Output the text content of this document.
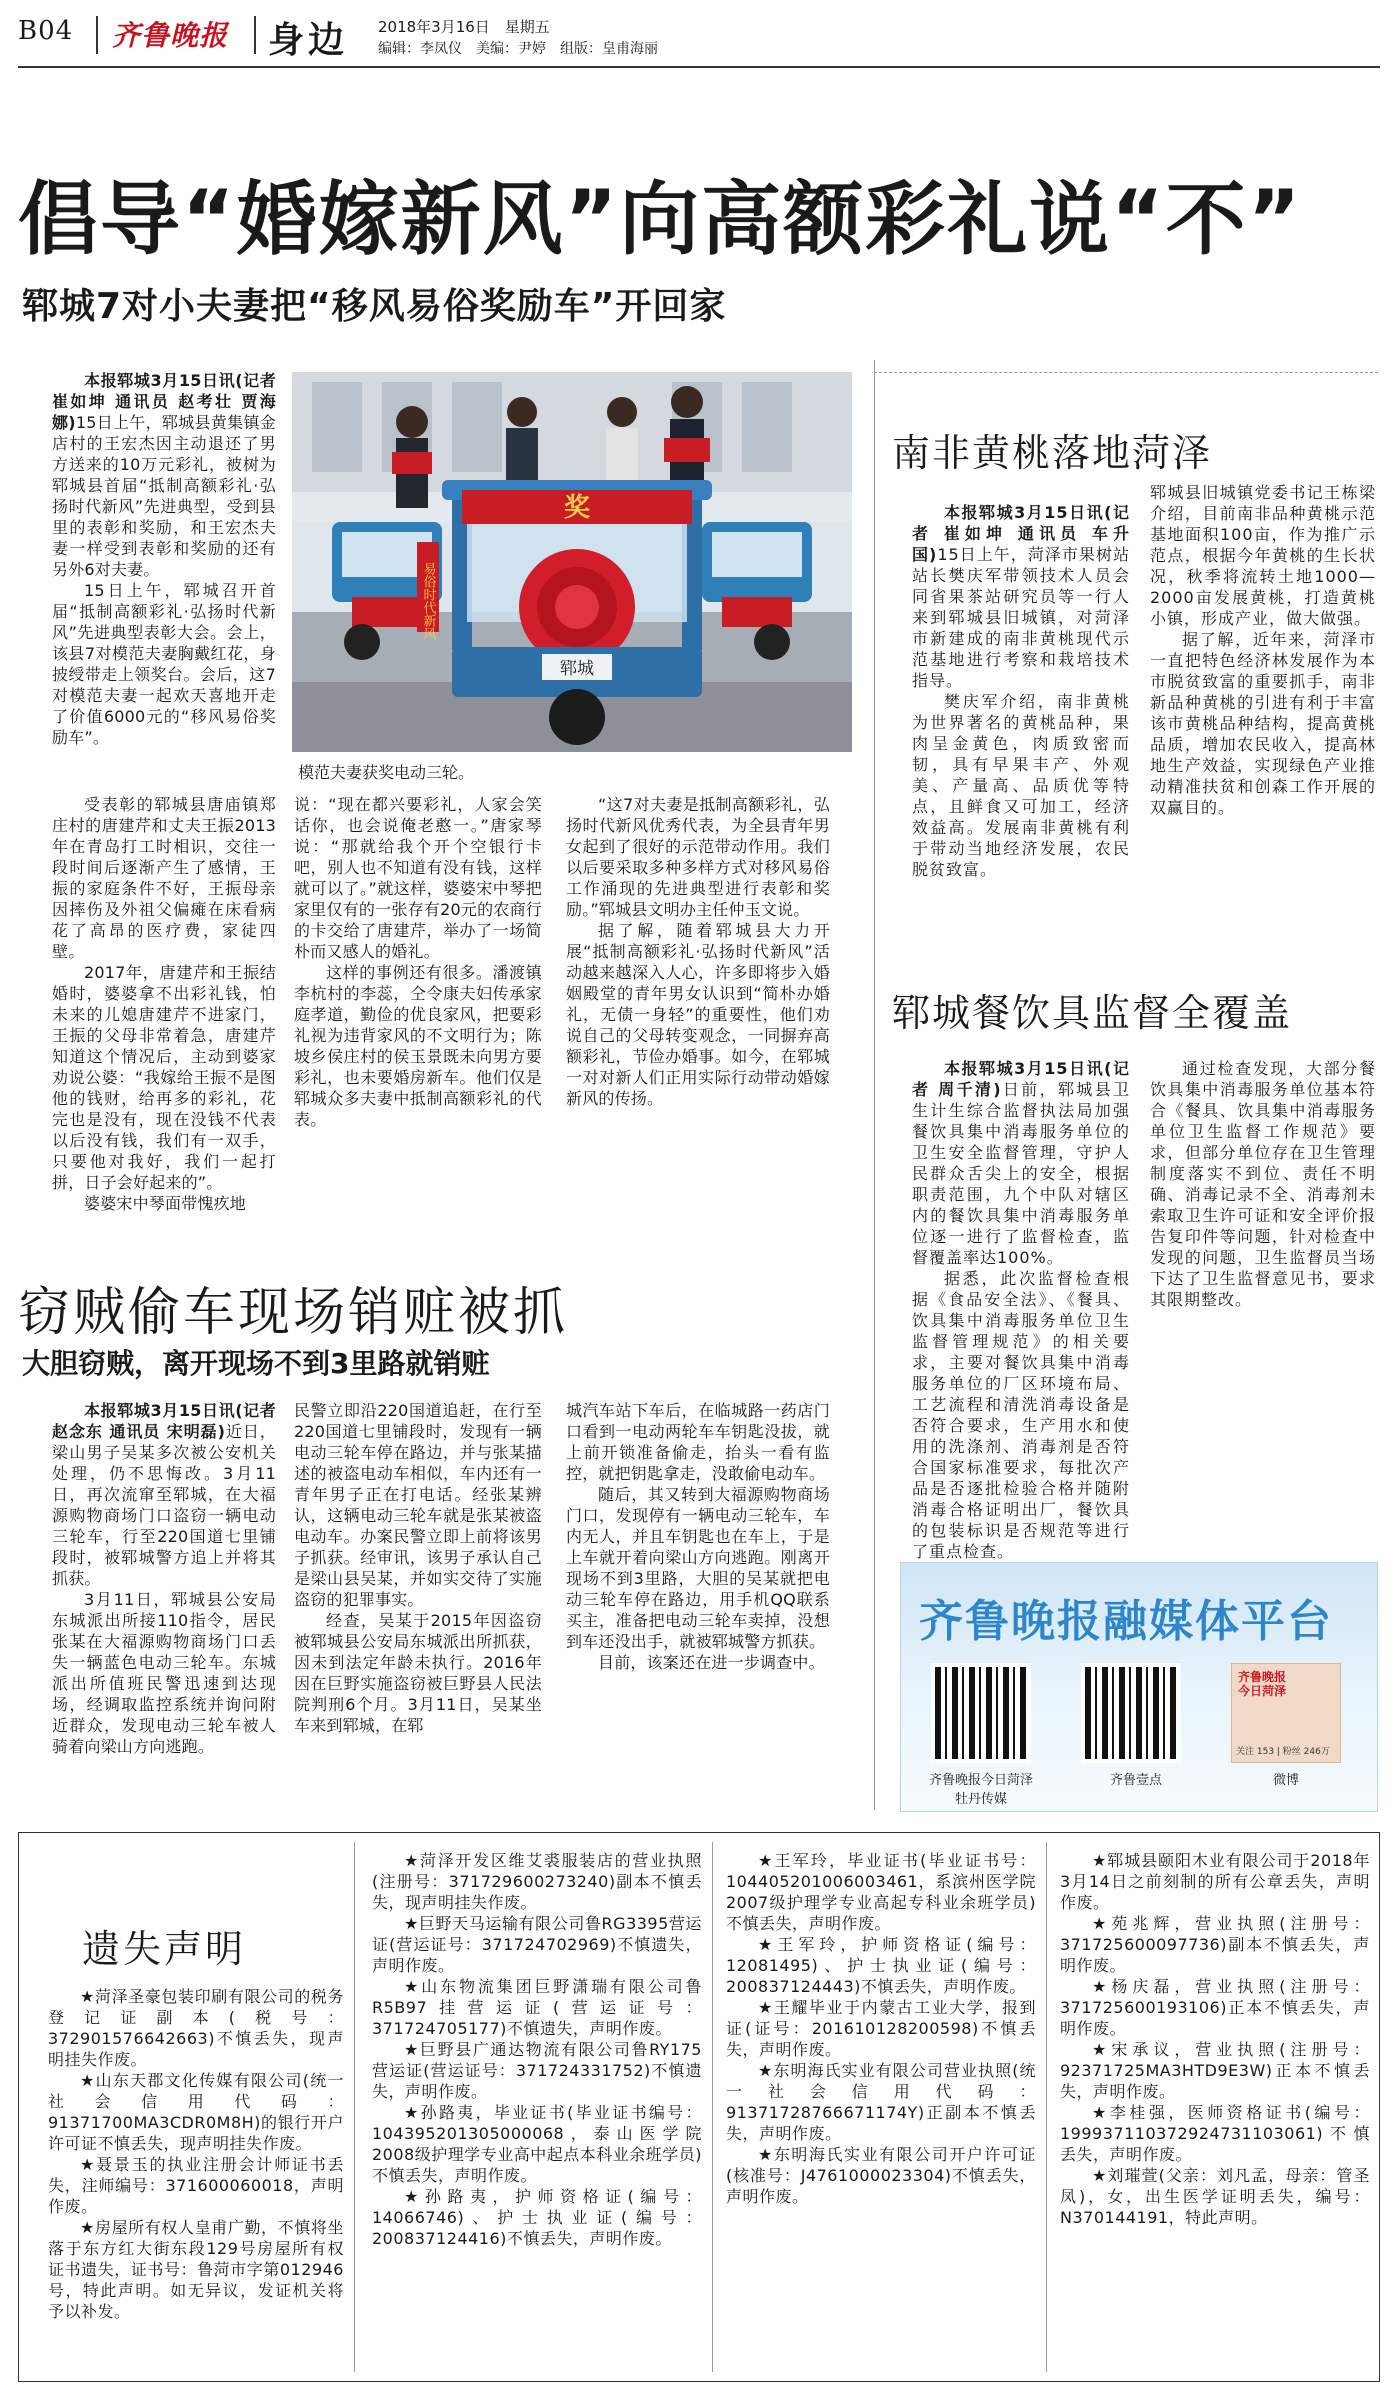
B04 齐鲁晚报 身边 2018年3月16日　星期五
编辑：李凤仪　美编：尹婷　组版：皇甫海丽
倡导“婚嫁新风”向高额彩礼说“不”
郓城7对小夫妻把“移风易俗奖励车”开回家

本报郓城3月15日讯(记者 崔如坤 通讯员 赵考壮 贾海娜)15日上午，郓城县黄集镇金店村的王宏杰因主动退还了男方送来的10万元彩礼，被树为郓城县首届“抵制高额彩礼·弘扬时代新风”先进典型，受到县里的表彰和奖励，和王宏杰夫妻一样受到表彰和奖励的还有另外6对夫妻。

15日上午，郓城召开首届“抵制高额彩礼·弘扬时代新风”先进典型表彰大会。会上，该县7对模范夫妻胸戴红花，身披绶带走上领奖台。会后，这7对模范夫妻一起欢天喜地开走了价值6000元的“移风易俗奖励车”。

受表彰的郓城县唐庙镇郑庄村的唐建芹和丈夫王振2013年在青岛打工时相识，交往一段时间后逐渐产生了感情，王振的家庭条件不好，王振母亲因摔伤及外祖父偏瘫在床看病花了高昂的医疗费，家徒四壁。

2017年，唐建芹和王振结婚时，婆婆拿不出彩礼钱，怕未来的儿媳唐建芹不进家门，王振的父母非常着急，唐建芹知道这个情况后，主动到婆家劝说公婆：“我嫁给王振不是图他的钱财，给再多的彩礼，花完也是没有，现在没钱不代表以后没有钱，我们有一双手，只要他对我好，我们一起打拼，日子会好起来的”。

婆婆宋中琴面带愧疚地

奖
易俗时代新风
郓城
模范夫妻获奖电动三轮。

说：“现在都兴要彩礼，人家会笑话你，也会说俺老憨一。”唐家琴说：“那就给我个开个空银行卡吧，别人也不知道有没有钱，这样就可以了。”就这样，婆婆宋中琴把家里仅有的一张存有20元的农商行的卡交给了唐建芹，举办了一场简朴而又感人的婚礼。

这样的事例还有很多。潘渡镇李杭村的李蕊，仝令康夫妇传承家庭孝道，勤俭的优良家风，把要彩礼视为违背家风的不文明行为；陈坡乡侯庄村的侯玉景既未向男方要彩礼，也未要婚房新车。他们仅是郓城众多夫妻中抵制高额彩礼的代表。

“这7对夫妻是抵制高额彩礼，弘扬时代新风优秀代表，为全县青年男女起到了很好的示范带动作用。我们以后要采取多种多样方式对移风易俗工作涌现的先进典型进行表彰和奖励。”郓城县文明办主任仲玉文说。

据了解，随着郓城县大力开展“抵制高额彩礼·弘扬时代新风”活动越来越深入人心，许多即将步入婚姻殿堂的青年男女认识到“简朴办婚礼，无债一身轻”的重要性，他们劝说自己的父母转变观念，一同摒弃高额彩礼，节俭办婚事。如今，在郓城一对对新人们正用实际行动带动婚嫁新风的传扬。

南非黄桃落地菏泽

本报郓城3月15日讯(记者 崔如坤 通讯员 车升国)15日上午，菏泽市果树站站长樊庆军带领技术人员会同省果茶站研究员等一行人来到郓城县旧城镇，对菏泽市新建成的南非黄桃现代示范基地进行考察和栽培技术指导。

樊庆军介绍，南非黄桃为世界著名的黄桃品种，果肉呈金黄色，肉质致密而韧，具有早果丰产、外观美、产量高、品质优等特点，且鲜食又可加工，经济效益高。发展南非黄桃有利于带动当地经济发展，农民脱贫致富。

郓城县旧城镇党委书记王栋梁介绍，目前南非品种黄桃示范基地面积100亩，作为推广示范点，根据今年黄桃的生长状况，秋季将流转土地1000—2000亩发展黄桃，打造黄桃小镇，形成产业，做大做强。

据了解，近年来，菏泽市一直把特色经济林发展作为本市脱贫致富的重要抓手，南非新品种黄桃的引进有利于丰富该市黄桃品种结构，提高黄桃品质，增加农民收入，提高林地生产效益，实现绿色产业推动精准扶贫和创森工作开展的双赢目的。

郓城餐饮具监督全覆盖

本报郓城3月15日讯(记者 周千清)日前，郓城县卫生计生综合监督执法局加强餐饮具集中消毒服务单位的卫生安全监督管理，守护人民群众舌尖上的安全，根据职责范围，九个中队对辖区内的餐饮具集中消毒服务单位逐一进行了监督检查，监督覆盖率达100%。

据悉，此次监督检查根据《食品安全法》、《餐具、饮具集中消毒服务单位卫生监督管理规范》的相关要求，主要对餐饮具集中消毒服务单位的厂区环境布局、工艺流程和清洗消毒设备是否符合要求，生产用水和使用的洗涤剂、消毒剂是否符合国家标准要求，每批次产品是否逐批检验合格并随附消毒合格证明出厂，餐饮具的包装标识是否规范等进行了重点检查。

通过检查发现，大部分餐饮具集中消毒服务单位基本符合《餐具、饮具集中消毒服务单位卫生监督工作规范》要求，但部分单位存在卫生管理制度落实不到位、责任不明确、消毒记录不全、消毒剂未索取卫生许可证和安全评价报告复印件等问题，针对检查中发现的问题，卫生监督员当场下达了卫生监督意见书，要求其限期整改。

窃贼偷车现场销赃被抓
大胆窃贼，离开现场不到3里路就销赃

本报郓城3月15日讯(记者 赵念东 通讯员 宋明磊)近日，梁山男子吴某多次被公安机关处理，仍不思悔改。3月11日，再次流窜至郓城，在大福源购物商场门口盗窃一辆电动三轮车，行至220国道七里铺段时，被郓城警方追上并将其抓获。

3月11日，郓城县公安局东城派出所接110指令，居民张某在大福源购物商场门口丢失一辆蓝色电动三轮车。东城派出所值班民警迅速到达现场，经调取监控系统并询问附近群众，发现电动三轮车被人骑着向梁山方向逃跑。

民警立即沿220国道追赶，在行至220国道七里铺段时，发现有一辆电动三轮车停在路边，并与张某描述的被盗电动车相似，车内还有一青年男子正在打电话。经张某辨认，这辆电动三轮车就是张某被盗电动车。办案民警立即上前将该男子抓获。经审讯，该男子承认自己是梁山县吴某，并如实交待了实施盗窃的犯罪事实。

经查，吴某于2015年因盗窃被郓城县公安局东城派出所抓获，因未到法定年龄未执行。2016年因在巨野实施盗窃被巨野县人民法院判刑6个月。3月11日，吴某坐车来到郓城，在郓

城汽车站下车后，在临城路一药店门口看到一电动两轮车车钥匙没拔，就上前开锁准备偷走，抬头一看有监控，就把钥匙拿走，没敢偷电动车。

随后，其又转到大福源购物商场门口，发现停有一辆电动三轮车，车内无人，并且车钥匙也在车上，于是上车就开着向梁山方向逃跑。刚离开现场不到3里路，大胆的吴某就把电动三轮车停在路边，用手机QQ联系买主，准备把电动三轮车卖掉，没想到车还没出手，就被郓城警方抓获。

目前，该案还在进一步调查中。

齐鲁晚报融媒体平台
齐鲁晚报今日菏泽
牡丹传媒
齐鲁壹点
齐鲁晚报
今日菏泽
关注 153 | 粉丝 246万
微博
遗失声明

★菏泽圣豪包装印刷有限公司的税务登记证副本(税号：372901576642663)不慎丢失，现声明挂失作废。

★山东天郡文化传媒有限公司(统一社会信用代码：91371700MA3CDR0M8H)的银行开户许可证不慎丢失，现声明挂失作废。

★聂景玉的执业注册会计师证书丢失，注师编号：371600060018，声明作废。

★房屋所有权人皇甫广勤，不慎将坐落于东方红大街东段129号房屋所有权证书遗失，证书号：鲁菏市字第012946号，特此声明。如无异议，发证机关将予以补发。

★菏泽开发区维艾裘服装店的营业执照(注册号：371729600273240)副本不慎丢失，现声明挂失作废。

★巨野天马运输有限公司鲁RG3395营运证(营运证号：371724702969)不慎遗失，声明作废。

★山东物流集团巨野潇瑞有限公司鲁R5B97挂营运证(营运证号：371724705177)不慎遗失，声明作废。

★巨野县广通达物流有限公司鲁RY175营运证(营运证号：371724331752)不慎遗失，声明作废。

★孙路夷，毕业证书(毕业证书编号：104395201305000068，泰山医学院2008级护理学专业高中起点本科业余班学员)不慎丢失，声明作废。

★孙路夷，护师资格证(编号：14066746)、护士执业证(编号：200837124416)不慎丢失，声明作废。

★王军玲，毕业证书(毕业证书号：104405201006003461，系滨州医学院2007级护理学专业高起专科业余班学员)不慎丢失，声明作废。

★王军玲，护师资格证(编号：12081495)、护士执业证(编号：200837124443)不慎丢失，声明作废。

★王耀毕业于内蒙古工业大学，报到证(证号：201610128200598)不慎丢失，声明作废。

★东明海氏实业有限公司营业执照(统一社会信用代码：91371728766671174Y)正副本不慎丢失，声明作废。

★东明海氏实业有限公司开户许可证(核准号：J4761000023304)不慎丢失，声明作废。

★郓城县颐阳木业有限公司于2018年3月14日之前刻制的所有公章丢失，声明作废。

★苑兆辉，营业执照(注册号：371725600097736)副本不慎丢失，声明作废。

★杨庆磊，营业执照(注册号：371725600193106)正本不慎丢失，声明作废。

★宋承议，营业执照(注册号：92371725MA3HTD9E3W)正本不慎丢失，声明作废。

★李桂强，医师资格证书(编号：199937110372924731103061)不慎丢失，声明作废。

★刘璀萱(父亲：刘凡孟，母亲：管圣凤)，女，出生医学证明丢失，编号：N370144191，特此声明。
